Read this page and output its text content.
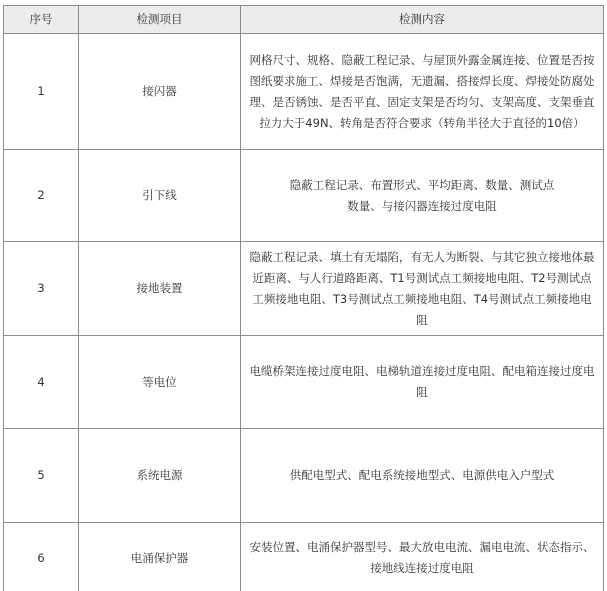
序号	检测项目	检测内容
1	接闪器	网格尺寸、规格、隐蔽工程记录、与屋顶外露金属连接、位置是否按图纸要求施工、焊接是否饱满，无遗漏、搭接焊长度、焊接处防腐处理、是否锈蚀、是否平直、固定支架是否均匀、支架高度、支架垂直拉力大于49N、转角是否符合要求（转角半径大于直径的10倍）
2	引下线	隐蔽工程记录、布置形式、平均距离、数量、测试点数量、与接闪器连接过度电阻
3	接地装置	隐蔽工程记录、填土有无塌陷，有无人为断裂、与其它独立接地体最近距离、与人行道路距离、T1号测试点工频接地电阻、T2号测试点工频接地电阻、T3号测试点工频接地电阻、T4号测试点工频接地电阻
4	等电位	电缆桥架连接过度电阻、电梯轨道连接过度电阻、配电箱连接过度电阻
5	系统电源	供配电型式、配电系统接地型式、电源供电入户型式
6	电涌保护器	安装位置、电涌保护器型号、最大放电电流、漏电电流、状态指示、接地线连接过度电阻
